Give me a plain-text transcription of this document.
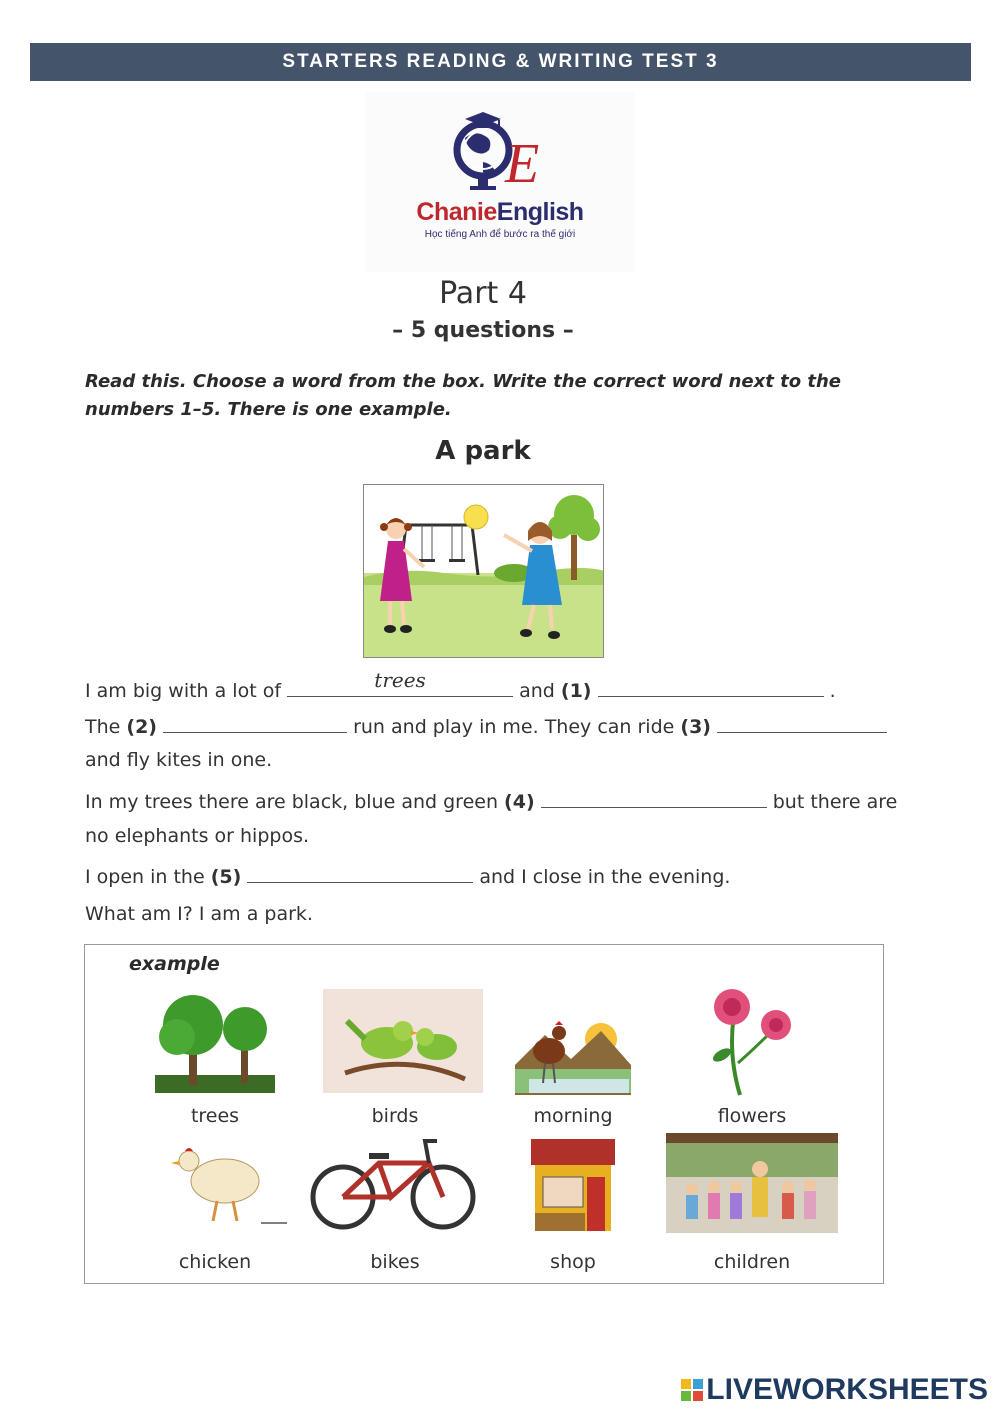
STARTERS READING & WRITING TEST 3
E
ChanieEnglish
Học tiếng Anh để bước ra thế giới
Part 4
– 5 questions –
Read this. Choose a word from the box. Write the correct word next to the numbers 1–5. There is one example.
A park
I am big with a lot of	trees	and (1)	.
The (2)	run and play in me. They can ride (3)
and fly kites in one.
In my trees there are black, blue and green (4)	but there are
no elephants or hippos.
I open in the (5)	and I close in the evening.
What am I? I am a park.
example
trees	birds	morning	flowers
chicken	bikes	shop	children
LIVEWORKSHEETS
